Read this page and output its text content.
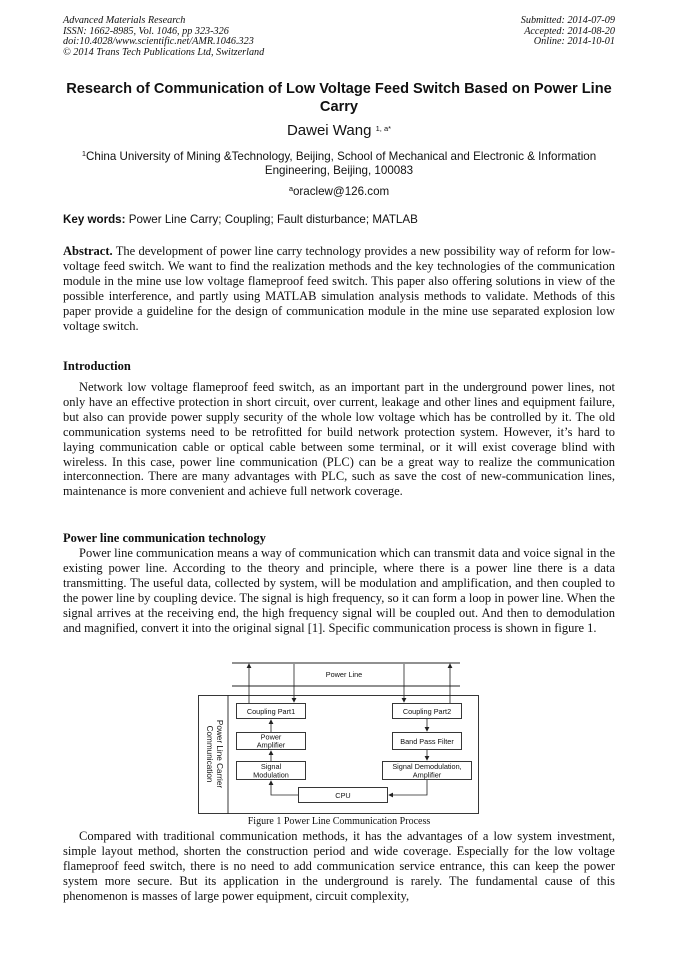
Advanced Materials Research
ISSN: 1662-8985, Vol. 1046, pp 323-326
doi:10.4028/www.scientific.net/AMR.1046.323
© 2014 Trans Tech Publications Ltd, Switzerland
Submitted: 2014-07-09
Accepted: 2014-08-20
Online: 2014-10-01
Research of Communication of Low Voltage Feed Switch Based on Power Line Carry
Dawei Wang $^{1, a*}$
$^1$China University of Mining &Technology, Beijing, School of Mechanical and Electronic & Information Engineering, Beijing, 100083
$^a$oraclew@126.com
Key words: Power Line Carry; Coupling; Fault disturbance; MATLAB

Abstract. The development of power line carry technology provides a new possibility way of reform for low-voltage feed switch. We want to find the realization methods and the key technologies of the communication module in the mine use low voltage flameproof feed switch. This paper also offering solutions in view of the possible interference, and partly using MATLAB simulation analysis methods to validate. Methods of this paper provide a guideline for the design of communication module in the mine use separated explosion low voltage switch.

Introduction

Network low voltage flameproof feed switch, as an important part in the underground power lines, not only have an effective protection in short circuit, over current, leakage and other lines and equipment failure, but also can provide power supply security of the whole low voltage which has be controlled by it. The old communication systems need to be retrofitted for build network protection system. However, it’s hard to laying communication cable or optical cable between some terminal, or it will exist coverage blind with wireless. In this case, power line communication (PLC) can be a great way to realize the communication interconnection. There are many advantages with PLC, such as save the cost of new-communication lines, maintenance is more convenient and achieve full network coverage.

Power line communication technology

Power line communication means a way of communication which can transmit data and voice signal in the existing power line. According to the theory and principle, where there is a power line there is a data transmitting. The useful data, collected by system, will be modulation and amplification, and then coupled to the power line by coupling device. The signal is high frequency, so it can form a loop in power line. When the signal arrives at the receiving end, the high frequency signal will be coupled out. And then to demodulation and magnified, convert it into the original signal [1]. Specific communication process is shown in figure 1.

Power Line
Power Line Carrier
Communication
Coupling Part1
Power
Amplifier
Signal
Modulation
Coupling Part2
Band Pass Filter
Signal Demodulation,
Amplifier
CPU
Figure 1 Power Line Communication Process

Compared with traditional communication methods, it has the advantages of a low system investment, simple layout method, shorten the construction period and wide coverage. Especially for the low voltage flameproof feed switch, there is no need to add communication service entrance, this can keep the power system more secure. But its application in the underground is rarely. The fundamental cause of this phenomenon is masses of large power equipment, circuit complexity,
